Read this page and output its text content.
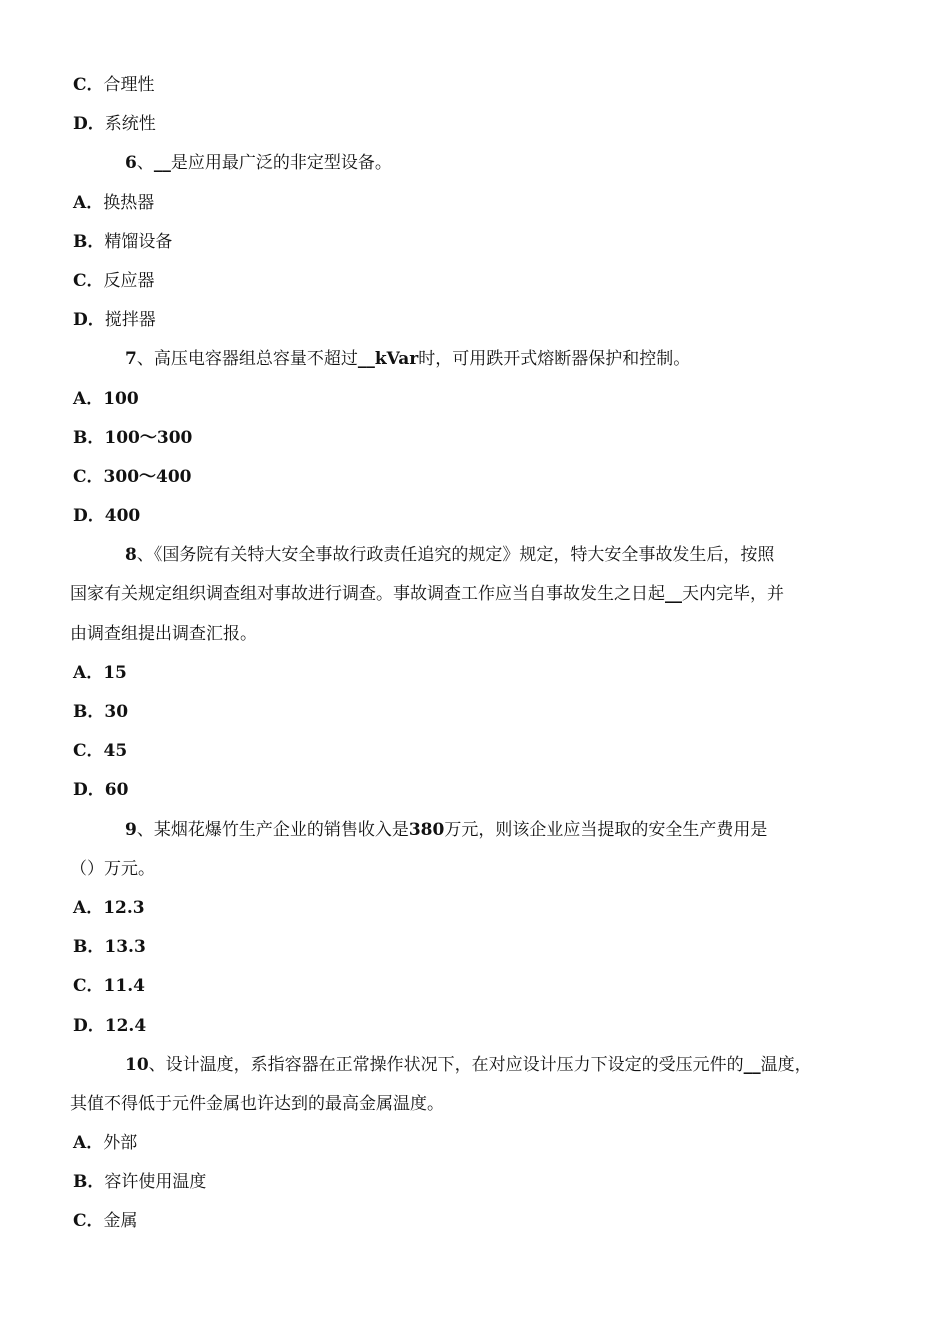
C．合理性
D．系统性
6、__是应用最广泛的非定型设备。
A．换热器
B．精馏设备
C．反应器
D．搅拌器
7、高压电容器组总容量不超过__kVar时，可用跌开式熔断器保护和控制。
A．100
B．100～300
C．300～400
D．400
8、《国务院有关特大安全事故行政责任追究的规定》规定，特大安全事故发生后，按照
国家有关规定组织调查组对事故进行调查。事故调查工作应当自事故发生之日起__天内完毕，并
由调查组提出调查汇报。
A．15
B．30
C．45
D．60
9、某烟花爆竹生产企业的销售收入是380万元，则该企业应当提取的安全生产费用是
（）万元。
A．12.3
B．13.3
C．11.4
D．12.4
10、设计温度，系指容器在正常操作状况下，在对应设计压力下设定的受压元件的__温度，
其值不得低于元件金属也许达到的最高金属温度。
A．外部
B．容许使用温度
C．金属
